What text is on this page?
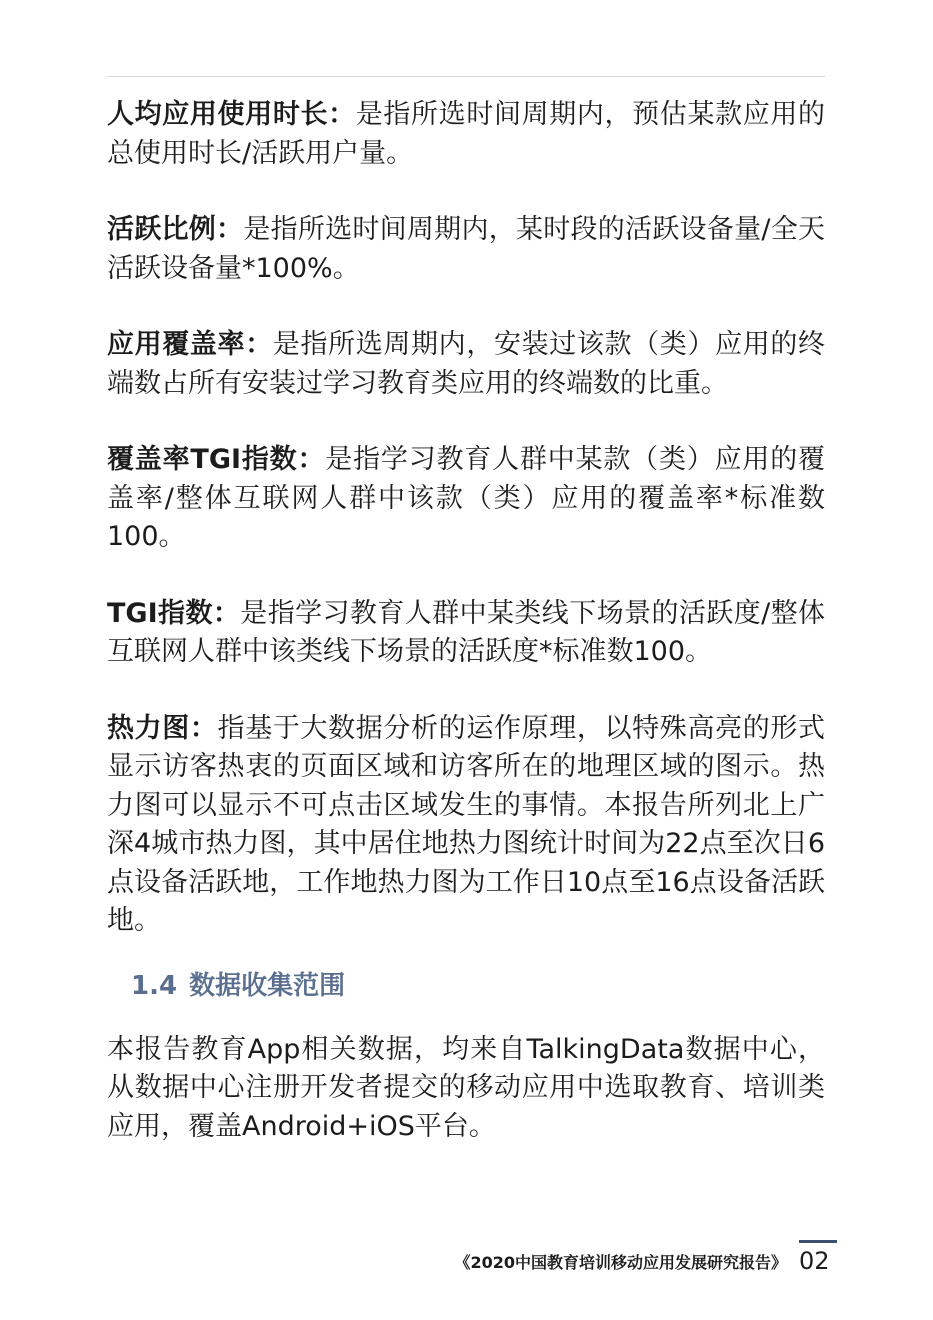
人均应用使用时长：是指所选时间周期内，预估某款应用的总使用时长/活跃用户量。

活跃比例：是指所选时间周期内，某时段的活跃设备量/全天活跃设备量*100%。

应用覆盖率：是指所选周期内，安装过该款（类）应用的终端数占所有安装过学习教育类应用的终端数的比重。

覆盖率TGI指数：是指学习教育人群中某款（类）应用的覆盖率/整体互联网人群中该款（类）应用的覆盖率*标准数100。

TGI指数：是指学习教育人群中某类线下场景的活跃度/整体互联网人群中该类线下场景的活跃度*标准数100。

热力图：指基于大数据分析的运作原理，以特殊高亮的形式显示访客热衷的页面区域和访客所在的地理区域的图示。热力图可以显示不可点击区域发生的事情。本报告所列北上广深4城市热力图，其中居住地热力图统计时间为22点至次日6点设备活跃地，工作地热力图为工作日10点至16点设备活跃地。

1.4 数据收集范围

本报告教育App相关数据，均来自TalkingData数据中心，从数据中心注册开发者提交的移动应用中选取教育、培训类应用，覆盖Android+iOS平台。

《2020中国教育培训移动应用发展研究报告》 02
